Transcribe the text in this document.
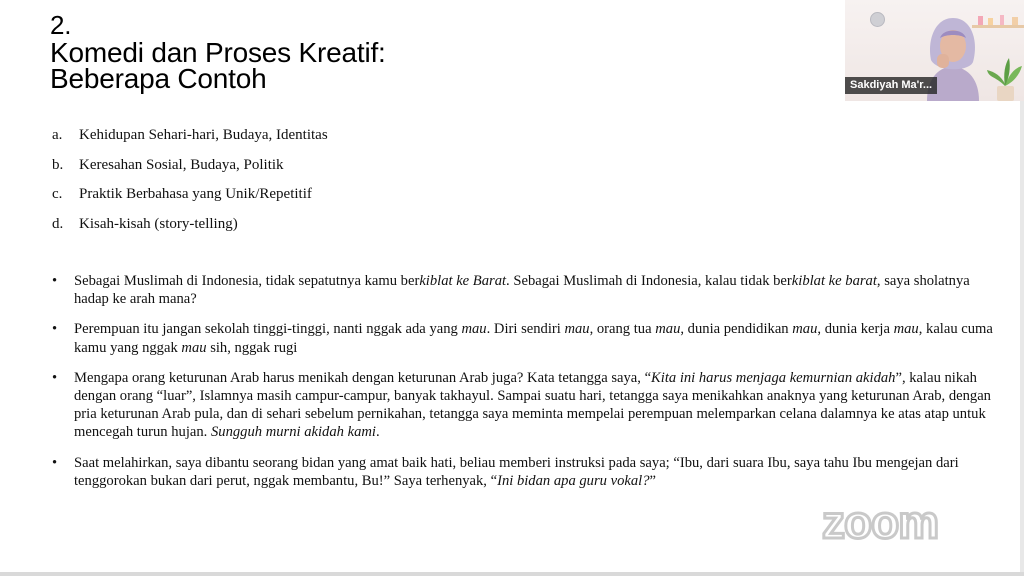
2.
Komedi dan Proses Kreatif:
Beberapa Contoh
a.	Kehidupan Sehari-hari, Budaya, Identitas
b.	Keresahan Sosial, Budaya, Politik
c.	Praktik Berbahasa yang Unik/Repetitif
d.	Kisah-kisah (story-telling)
•	Sebagai Muslimah di Indonesia, tidak sepatutnya kamu berkiblat ke Barat. Sebagai Muslimah di Indonesia, kalau tidak berkiblat ke barat, saya sholatnya hadap ke arah mana?
•	Perempuan itu jangan sekolah tinggi-tinggi, nanti nggak ada yang mau. Diri sendiri mau, orang tua mau, dunia pendidikan mau, dunia kerja mau, kalau cuma kamu yang nggak mau sih, nggak rugi
•	Mengapa orang keturunan Arab harus menikah dengan keturunan Arab juga? Kata tetangga saya, “Kita ini harus menjaga kemurnian akidah”, kalau nikah dengan orang “luar”, Islamnya masih campur-campur, banyak takhayul. Sampai suatu hari, tetangga saya menikahkan anaknya yang keturunan Arab, dengan pria keturunan Arab pula, dan di sehari sebelum pernikahan, tetangga saya meminta mempelai perempuan melemparkan celana dalamnya ke atas atap untuk mencegah turun hujan. Sungguh murni akidah kami.
•	Saat melahirkan, saya dibantu seorang bidan yang amat baik hati, beliau memberi instruksi pada saya; “Ibu, dari suara Ibu, saya tahu Ibu mengejan dari tenggorokan bukan dari perut, nggak membantu, Bu!” Saya terhenyak, “Ini bidan apa guru vokal?”
Sakdiyah Ma'r...
zoom
